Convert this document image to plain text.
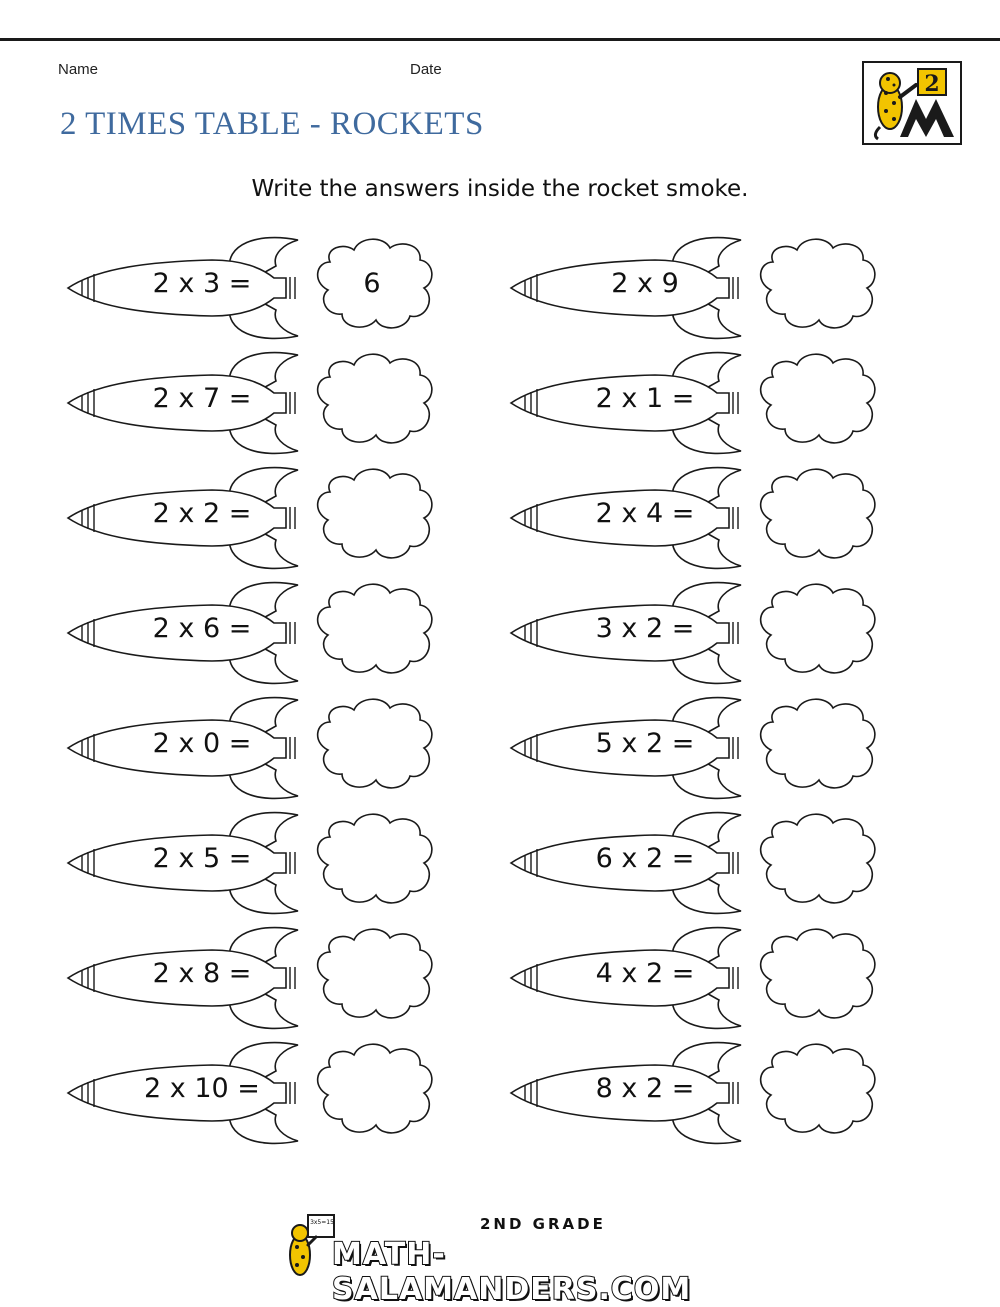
Name	Date
2 TIMES TABLE - ROCKETS
2
Write the answers inside the rocket smoke.
2 x 3 =	6	2 x 9
2 x 7 =	2 x 1 =
2 x 2 =	2 x 4 =
2 x 6 =	3 x 2 =
2 x 0 =	5 x 2 =
2 x 5 =	6 x 2 =
2 x 8 =	4 x 2 =
2 x 10 =	8 x 2 =
3x5=15	2ND GRADE
MATH-SALAMANDERS.COM
